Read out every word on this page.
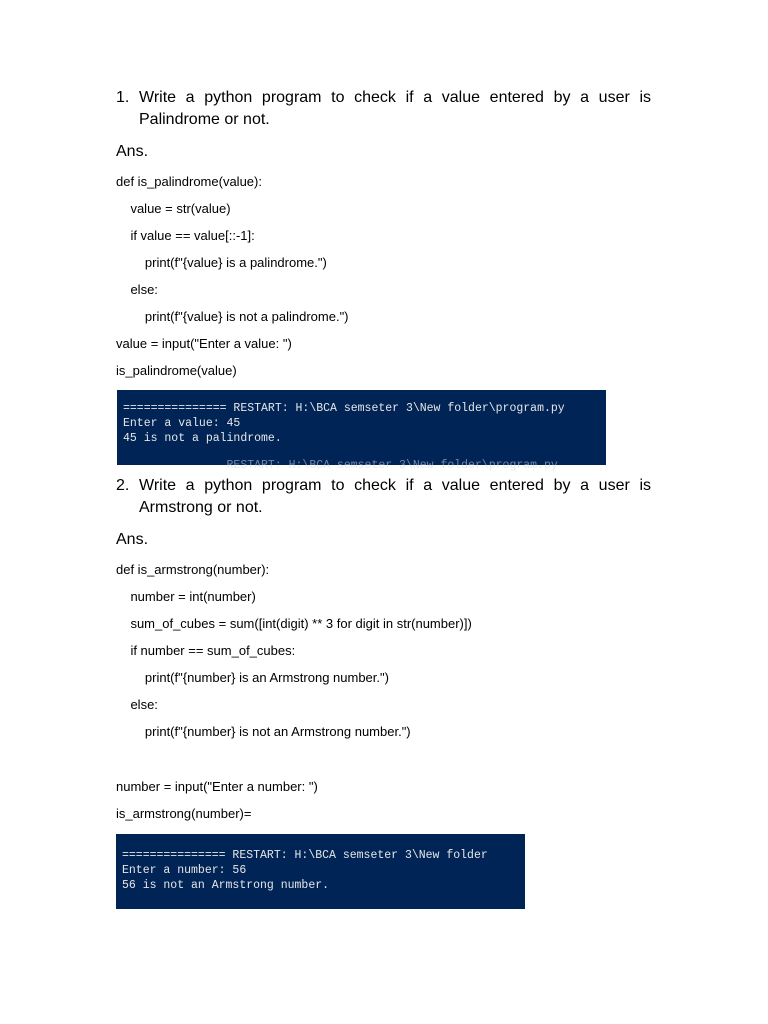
1. Write a python program to check if a value entered by a user is Palindrome or not.
Ans.
def is_palindrome(value):
value = str(value)
if value == value[::-1]:
print(f"{value} is a palindrome.")
else:
print(f"{value} is not a palindrome.")
value = input("Enter a value: ")
is_palindrome(value)
=============== RESTART: H:\BCA semseter 3\New folder\program.py
Enter a value: 45
45 is not a palindrome.
RESTART: H:\BCA semseter 3\New folder\program.py
2. Write a python program to check if a value entered by a user is Armstrong or not.
Ans.
def is_armstrong(number):
number = int(number)
sum_of_cubes = sum([int(digit) ** 3 for digit in str(number)])
if number == sum_of_cubes:
print(f"{number} is an Armstrong number.")
else:
print(f"{number} is not an Armstrong number.")
number = input("Enter a number: ")
is_armstrong(number)=
=============== RESTART: H:\BCA semseter 3\New folder
Enter a number: 56
56 is not an Armstrong number.
